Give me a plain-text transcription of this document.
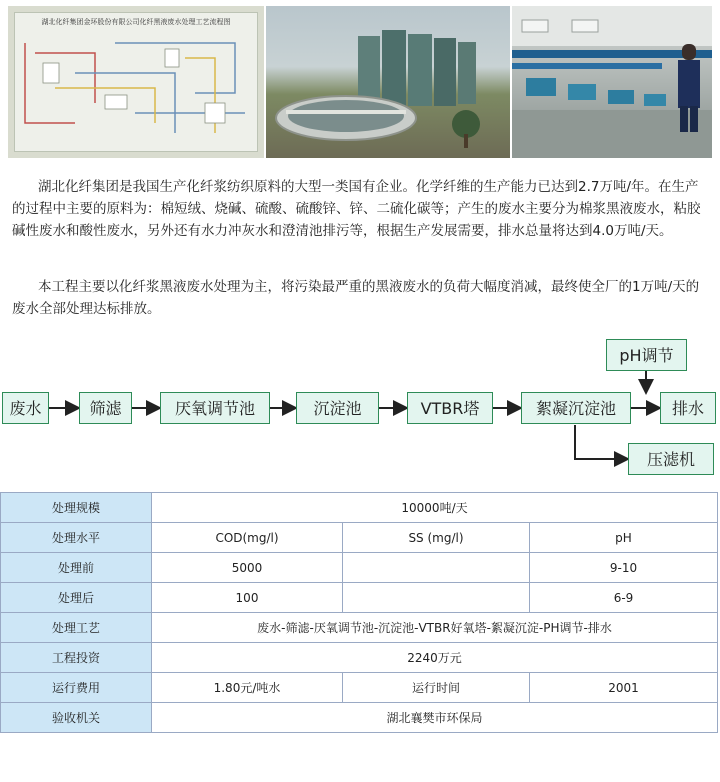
湖北化纤集团金环股份有限公司化纤黑液废水处理工艺流程图
湖北化纤集团是我国生产化纤浆纺织原料的大型一类国有企业。化学纤维的生产能力已达到2.7万吨/年。在生产的过程中主要的原料为：棉短绒、烧碱、硫酸、硫酸锌、锌、二硫化碳等；产生的废水主要分为棉浆黑液废水，粘胶碱性废水和酸性废水，另外还有水力冲灰水和澄清池排污等，根据生产发展需要，排水总量将达到4.0万吨/天。
本工程主要以化纤浆黑液废水处理为主，将污染最严重的黑液废水的负荷大幅度消减，最终使全厂的1万吨/天的废水全部处理达标排放。
废水	筛滤	厌氧调节池	沉淀池	VTBR塔	絮凝沉淀池	排水
pH调节
压滤机
处理规模	10000吨/天		
处理水平	COD(mg/l)	SS (mg/l)	pH
处理前	5000		9-10
处理后	100		6-9
处理工艺	废水-筛滤-厌氧调节池-沉淀池-VTBR好氧塔-絮凝沉淀-PH调节-排水		
工程投资	2240万元		
运行费用	1.80元/吨水	运行时间	2001
验收机关	湖北襄樊市环保局		
